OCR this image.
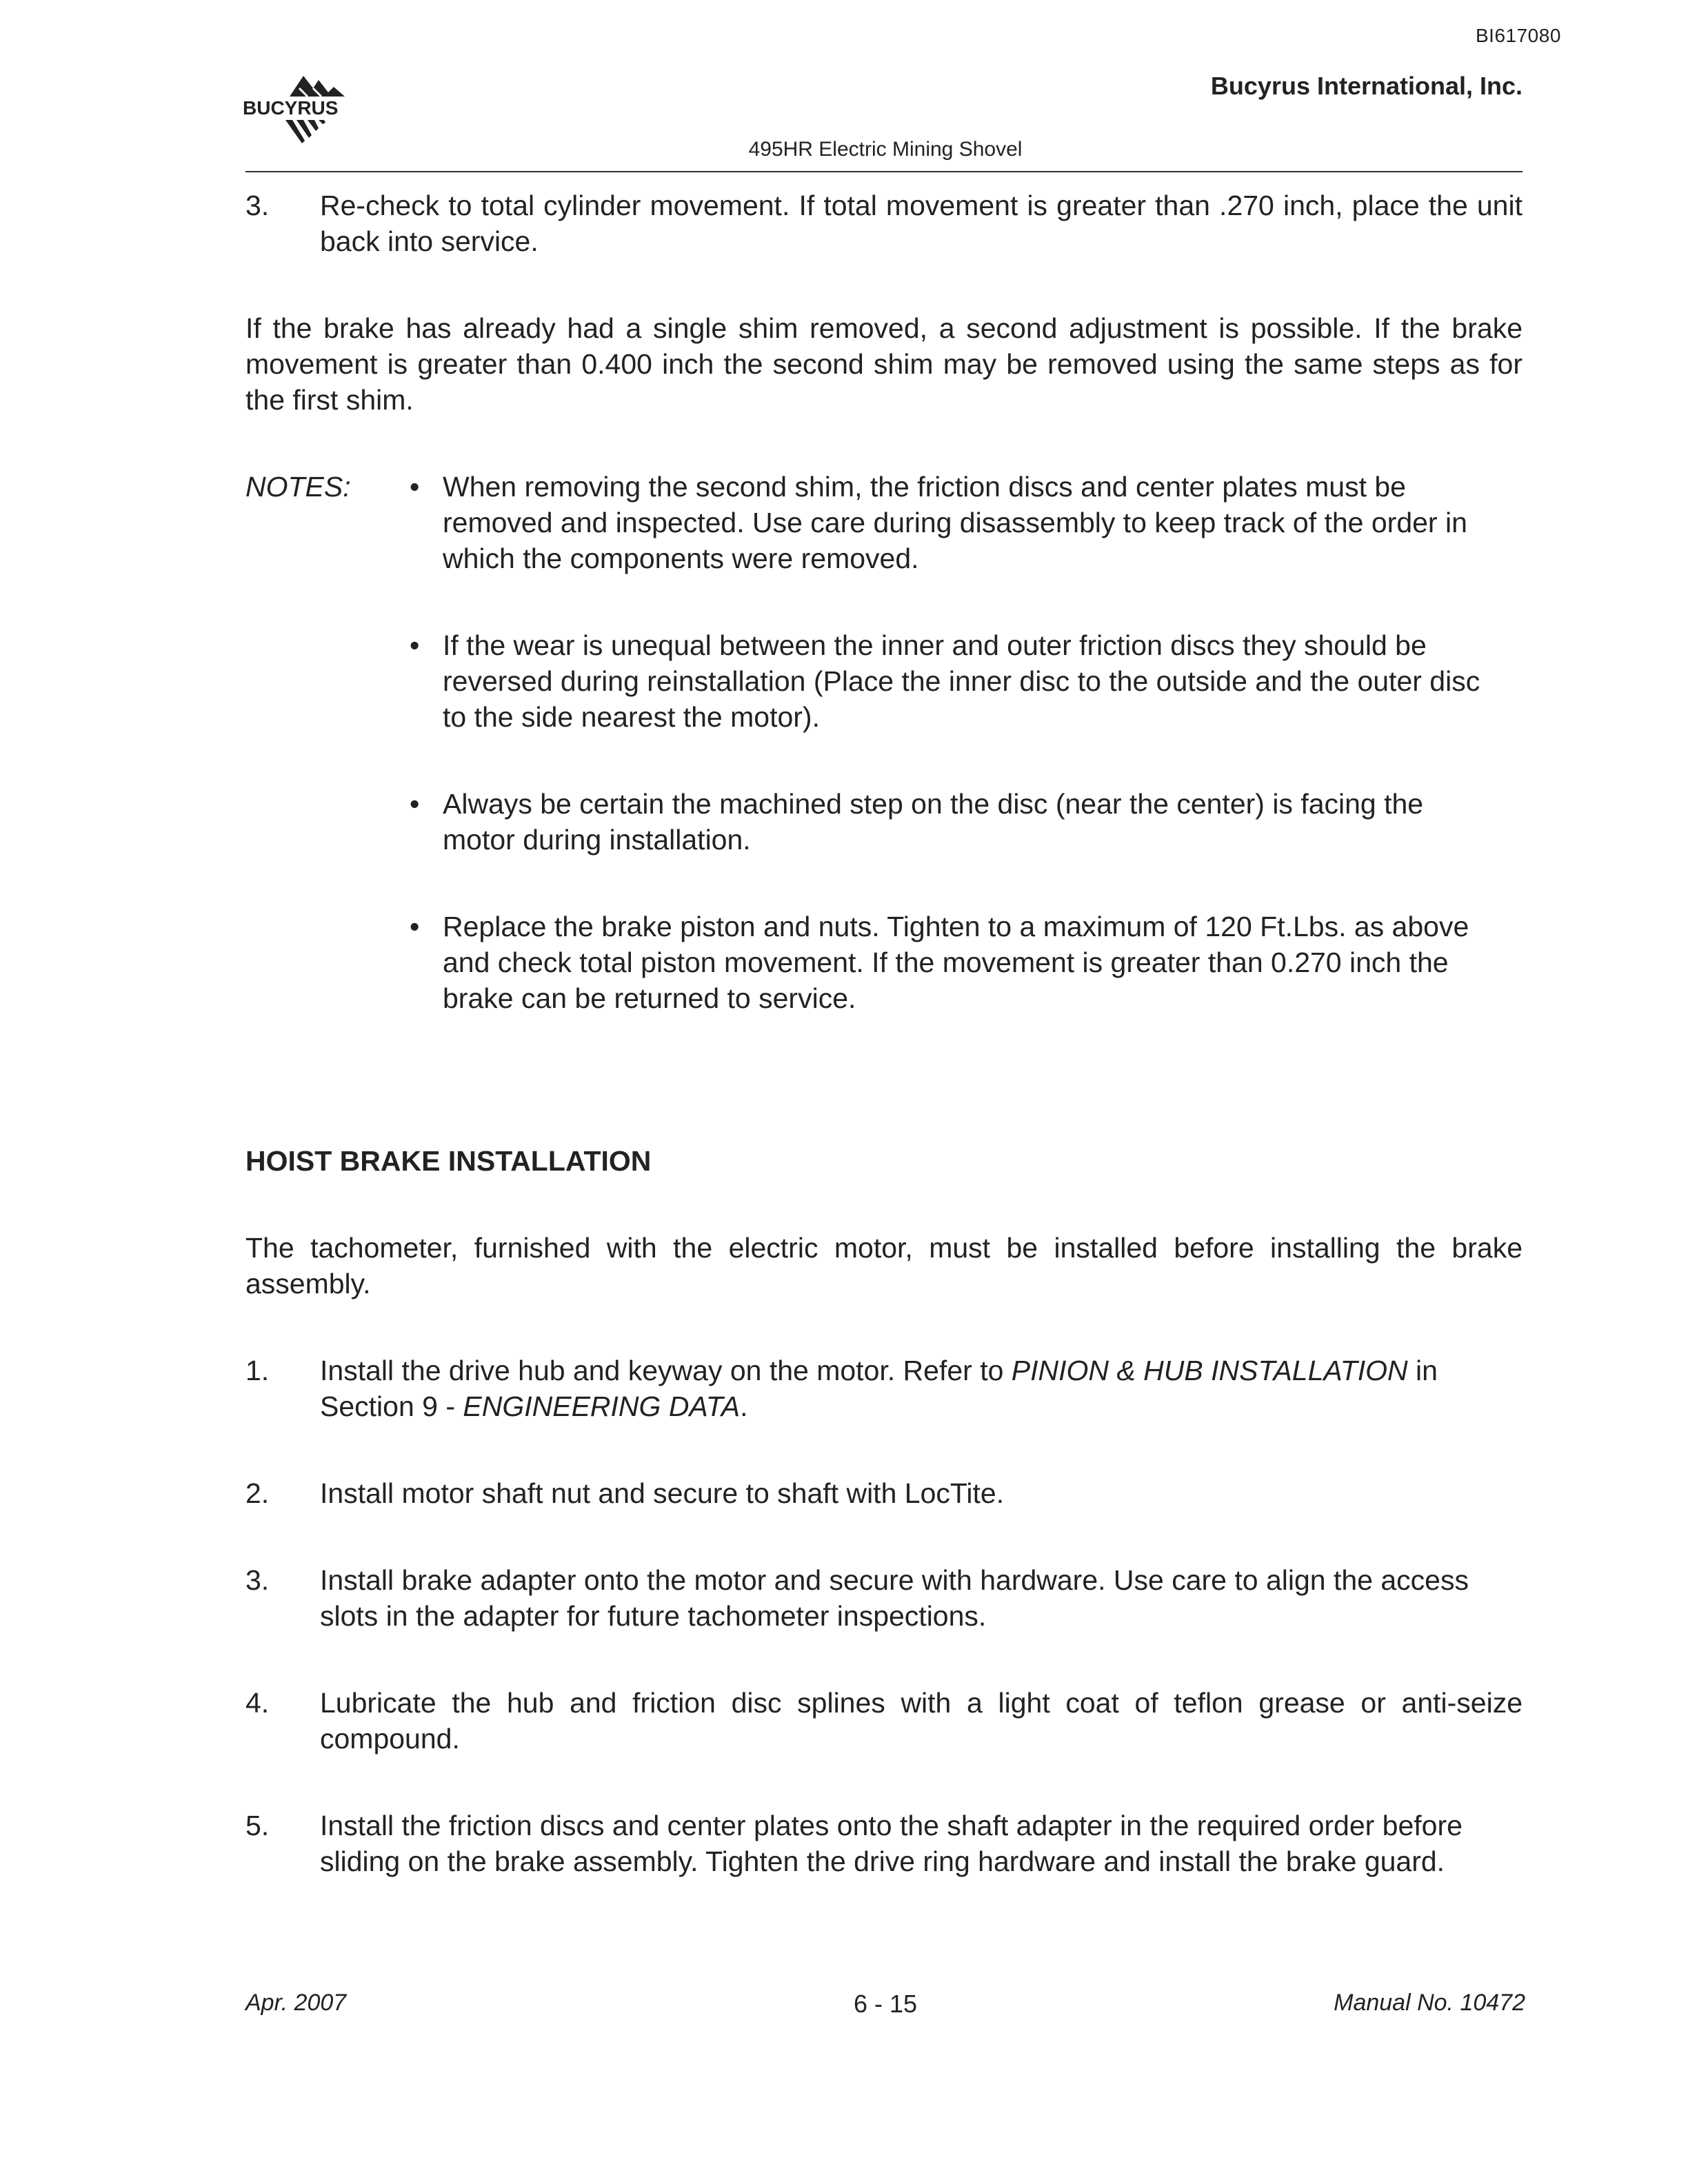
BI617080
BUCYRUS
Bucyrus International, Inc.
495HR Electric Mining Shovel
3.	Re-check to total cylinder movement. If total movement is greater than .270 inch, place the unit back into service.

If the brake has already had a single shim removed, a second adjustment is possible. If the brake movement is greater than 0.400 inch the second shim may be removed using the same steps as for the first shim.

NOTES:	• When removing the second shim, the friction discs and center plates must be removed and inspected. Use care during disassembly to keep track of the order in which the components were removed.
• If the wear is unequal between the inner and outer friction discs they should be reversed during reinstallation (Place the inner disc to the outside and the outer disc to the side nearest the motor).
• Always be certain the machined step on the disc (near the center) is facing the motor during installation.
• Replace the brake piston and nuts. Tighten to a maximum of 120 Ft.Lbs. as above and check total piston movement. If the movement is greater than 0.270 inch the brake can be returned to service.
HOIST BRAKE INSTALLATION

The tachometer, furnished with the electric motor, must be installed before installing the brake assembly.

1.	Install the drive hub and keyway on the motor. Refer to PINION & HUB INSTALLATION in Section 9 - ENGINEERING DATA.
2.	Install motor shaft nut and secure to shaft with LocTite.
3.	Install brake adapter onto the motor and secure with hardware. Use care to align the access slots in the adapter for future tachometer inspections.
4.	Lubricate the hub and friction disc splines with a light coat of teflon grease or anti-seize compound.
5.	Install the friction discs and center plates onto the shaft adapter in the required order before sliding on the brake assembly. Tighten the drive ring hardware and install the brake guard.
Apr. 2007	6 - 15	Manual No. 10472
